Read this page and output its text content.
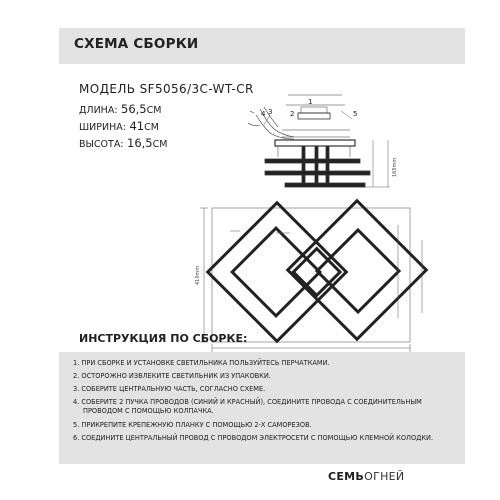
СХЕМА СБОРКИ
МОДЕЛЬ SF5056/3C-WT-CR
ДЛИНА: 56,5СМ
ШИРИНА: 41СМ
ВЫСОТА: 16,5СМ
1
2
3
4	5
410mm
165mm
ИНСТРУКЦИЯ ПО СБОРКЕ:
1. ПРИ СБОРКЕ И УСТАНОВКЕ СВЕТИЛЬНИКА ПОЛЬЗУЙТЕСЬ ПЕРЧАТКАМИ.
2. ОСТОРОЖНО ИЗВЛЕКИТЕ СВЕТИЛЬНИК ИЗ УПАКОВКИ.
3. СОБЕРИТЕ ЦЕНТРАЛЬНУЮ ЧАСТЬ, СОГЛАСНО СХЕМЕ.
4. СОБЕРИТЕ 2 ПУЧКА ПРОВОДОВ (СИНИЙ И КРАСНЫЙ), СОЕДИНИТЕ ПРОВОДА С СОЕДИНИТЕЛЬНЫМ
ПРОВОДОМ С ПОМОЩЬЮ КОЛПАЧКА.
5. ПРИКРЕПИТЕ КРЕПЕЖНУЮ ПЛАНКУ С ПОМОЩЬЮ 2-Х САМОРЕЗОВ.
6. СОЕДИНИТЕ ЦЕНТРАЛЬНЫЙ ПРОВОД С ПРОВОДОМ ЭЛЕКТРОСЕТИ С ПОМОЩЬЮ КЛЕМНОЙ КОЛОДКИ.
СЕМЬОГНЕЙ
